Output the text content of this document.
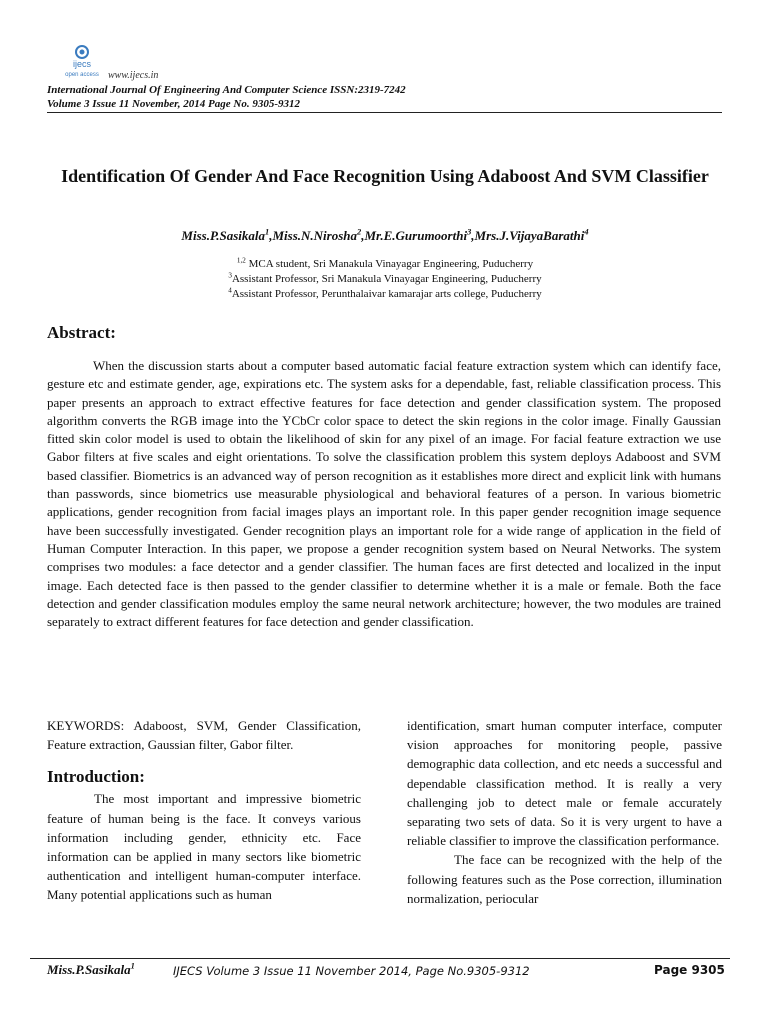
ijecs
open access www.ijecs.in
International Journal Of Engineering And Computer Science ISSN:2319-7242
Volume 3 Issue 11 November, 2014 Page No. 9305-9312
Identification Of Gender And Face Recognition Using Adaboost And SVM Classifier
Miss.P.Sasikala$^1$,Miss.N.Nirosha$^2$,Mr.E.Gurumoorthi$^3$,Mrs.J.VijayaBarathi$^4$
$^{1,2}$ MCA student, Sri Manakula Vinayagar Engineering, Puducherry
$^3$Assistant Professor, Sri Manakula Vinayagar Engineering, Puducherry
$^4$Assistant Professor, Perunthalaivar kamarajar arts college, Puducherry
Abstract:
When the discussion starts about a computer based automatic facial feature extraction system which can identify face, gesture etc and estimate gender, age, expirations etc. The system asks for a dependable, fast, reliable classification process. This paper presents an approach to extract effective features for face detection and gender classification system. The proposed algorithm converts the RGB image into the YCbCr color space to detect the skin regions in the color image. Finally Gaussian fitted skin color model is used to obtain the likelihood of skin for any pixel of an image. For facial feature extraction we use Gabor filters at five scales and eight orientations. To solve the classification problem this system deploys Adaboost and SVM based classifier. Biometrics is an advanced way of person recognition as it establishes more direct and explicit link with humans than passwords, since biometrics use measurable physiological and behavioral features of a person. In various biometric applications, gender recognition from facial images plays an important role. In this paper gender recognition image sequence have been successfully investigated. Gender recognition plays an important role for a wide range of application in the field of Human Computer Interaction. In this paper, we propose a gender recognition system based on Neural Networks. The system comprises two modules: a face detector and a gender classifier. The human faces are first detected and localized in the input image. Each detected face is then passed to the gender classifier to determine whether it is a male or female. Both the face detection and gender classification modules employ the same neural network architecture; however, the two modules are trained separately to extract different features for face detection and gender classification.

KEYWORDS: Adaboost, SVM, Gender Classification, Feature extraction, Gaussian filter, Gabor filter.

Introduction:

The most important and impressive biometric feature of human being is the face. It conveys various information including gender, ethnicity etc. Face information can be applied in many sectors like biometric authentication and intelligent human-computer interface. Many potential applications such as human

identification, smart human computer interface, computer vision approaches for monitoring people, passive demographic data collection, and etc needs a successful and dependable classification method. It is really a very challenging job to detect male or female accurately separating two sets of data. So it is very urgent to have a reliable classifier to improve the classification performance.

The face can be recognized with the help of the following features such as the Pose correction, illumination normalization, periocular

Miss.P.Sasikala$^1$	IJECS Volume 3 Issue 11 November 2014, Page No.9305-9312	Page 9305
